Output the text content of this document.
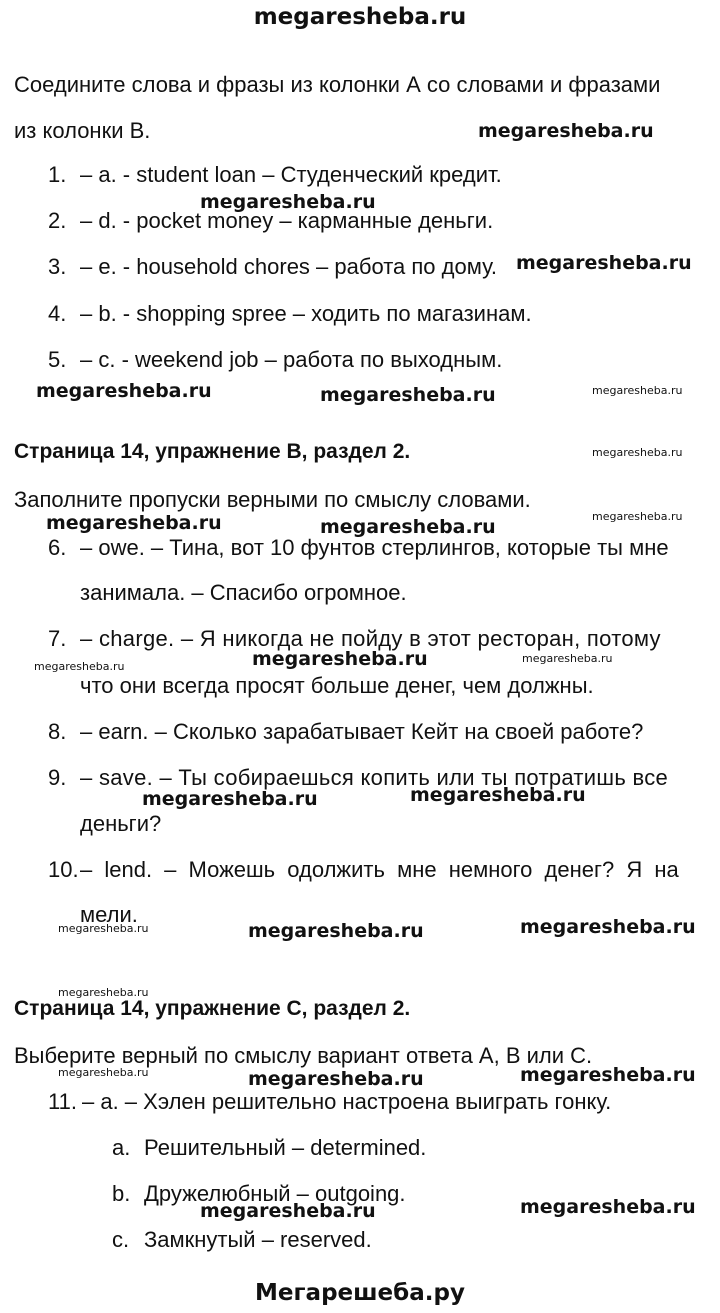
megaresheba.ru
Соедините слова и фразы из колонки А со словами и фразами
из колонки В.
1. – a. - student loan – Студенческий кредит.
2. – d. - pocket money – карманные деньги.
3. – e. - household chores – работа по дому.
4. – b. - shopping spree – ходить по магазинам.
5. – c. - weekend job – работа по выходным.
Страница 14, упражнение В, раздел 2.
Заполните пропуски верными по смыслу словами.
6. – owe. – Тина, вот 10 фунтов стерлингов, которые ты мне
занимала. – Спасибо огромное.
7. – charge. – Я никогда не пойду в этот ресторан, потому
что они всегда просят больше денег, чем должны.
8. – earn. – Сколько зарабатывает Кейт на своей работе?
9. – save. – Ты собираешься копить или ты потратишь все
деньги?
10. – lend. – Можешь одолжить мне немного денег? Я на
мели.
Страница 14, упражнение С, раздел 2.
Выберите верный по смыслу вариант ответа А, В или С.
11. – a. – Хэлен решительно настроена выиграть гонку.
a. Решительный – determined.
b. Дружелюбный – outgoing.
c. Замкнутый – reserved.
Мегарешеба.ру
megaresheba.ru
megaresheba.ru
megaresheba.ru
megaresheba.ru	megaresheba.ru
megaresheba.ru	megaresheba.ru
megaresheba.ru
megaresheba.ru	megaresheba.ru
megaresheba.ru	megaresheba.ru
megaresheba.ru	megaresheba.ru
megaresheba.ru	megaresheba.ru
megaresheba.ru
megaresheba.ru
megaresheba.ru
megaresheba.ru
megaresheba.ru
megaresheba.ru
megaresheba.ru
megaresheba.ru
